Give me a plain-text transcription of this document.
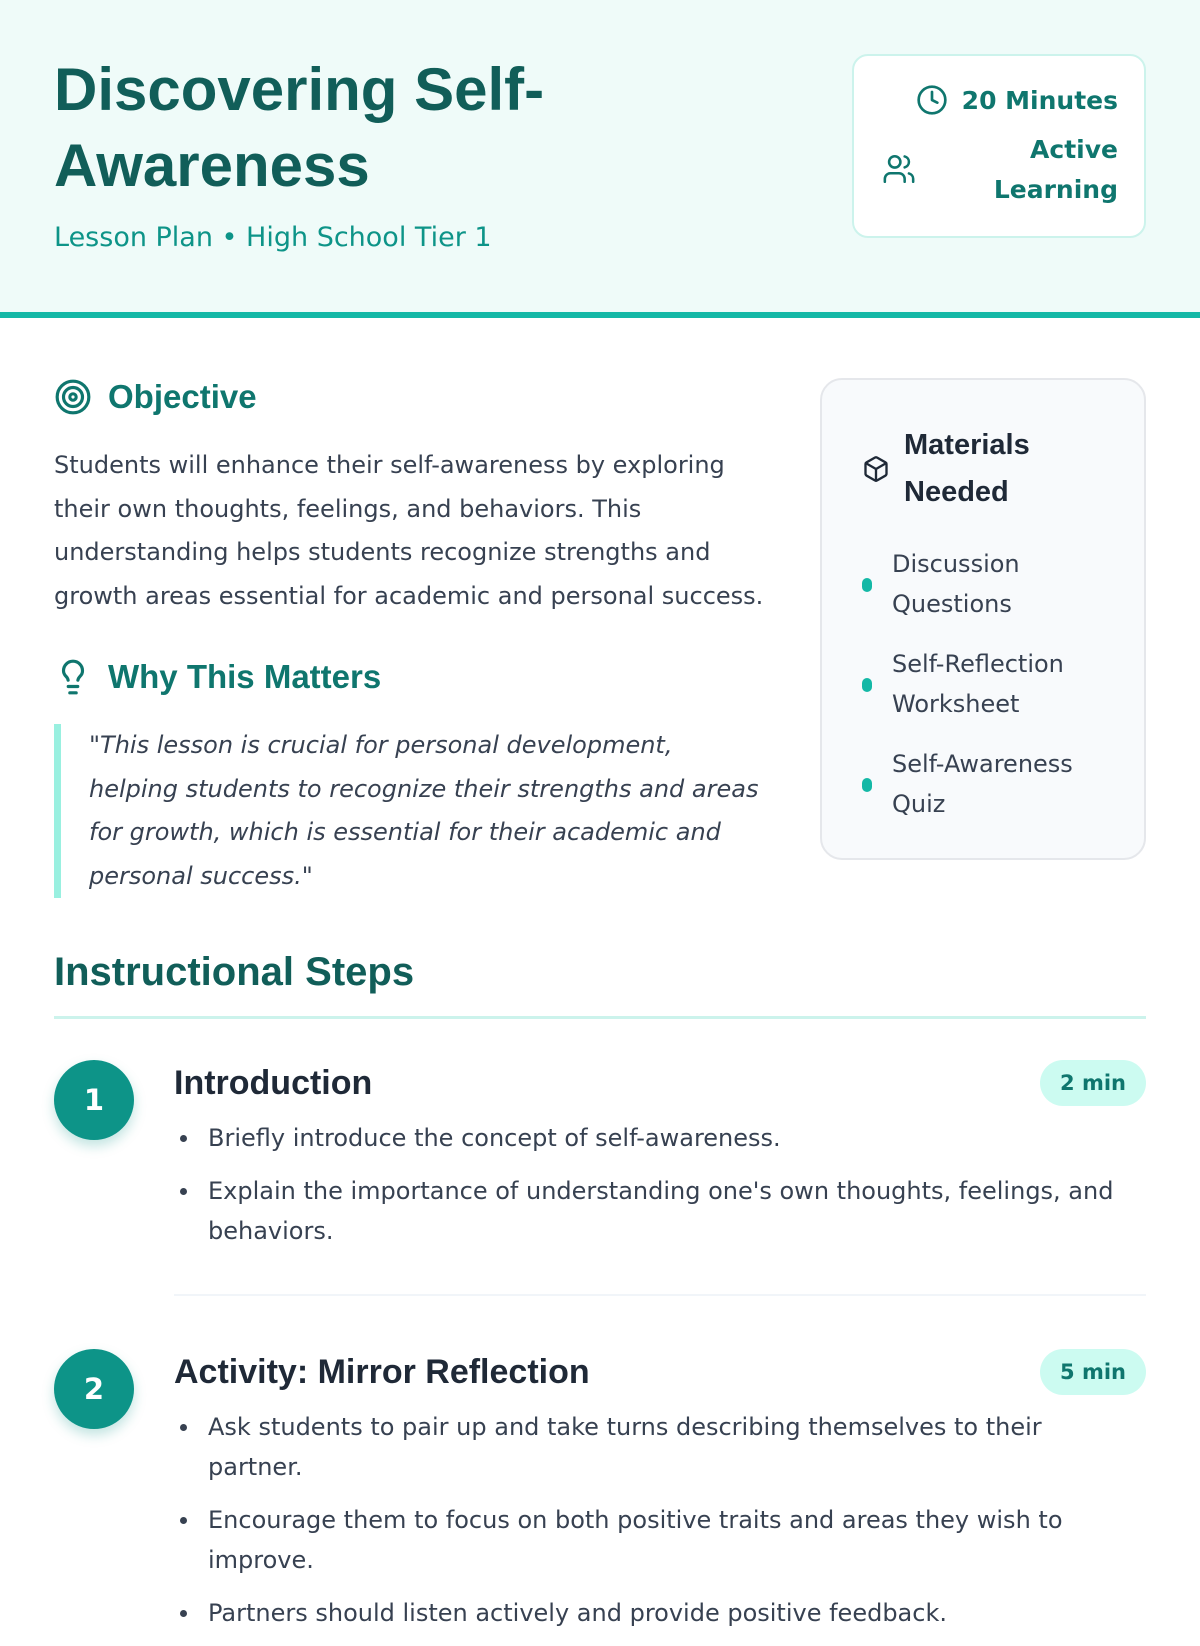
Discovering Self-Awareness
Lesson Plan • High School Tier 1
20 Minutes
Active Learning
Objective

Students will enhance their self-awareness by exploring their own thoughts, feelings, and behaviors. This understanding helps students recognize strengths and growth areas essential for academic and personal success.

Why This Matters
"This lesson is crucial for personal development, helping students to recognize their strengths and areas for growth, which is essential for their academic and personal success."
Materials Needed
Discussion Questions
Self-Reflection Worksheet
Self-Awareness Quiz
Instructional Steps
1	Introduction	2 min
Briefly introduce the concept of self-awareness.
Explain the importance of understanding one's own thoughts, feelings, and behaviors.
2	Activity: Mirror Reflection	5 min
Ask students to pair up and take turns describing themselves to their partner.
Encourage them to focus on both positive traits and areas they wish to improve.
Partners should listen actively and provide positive feedback.
